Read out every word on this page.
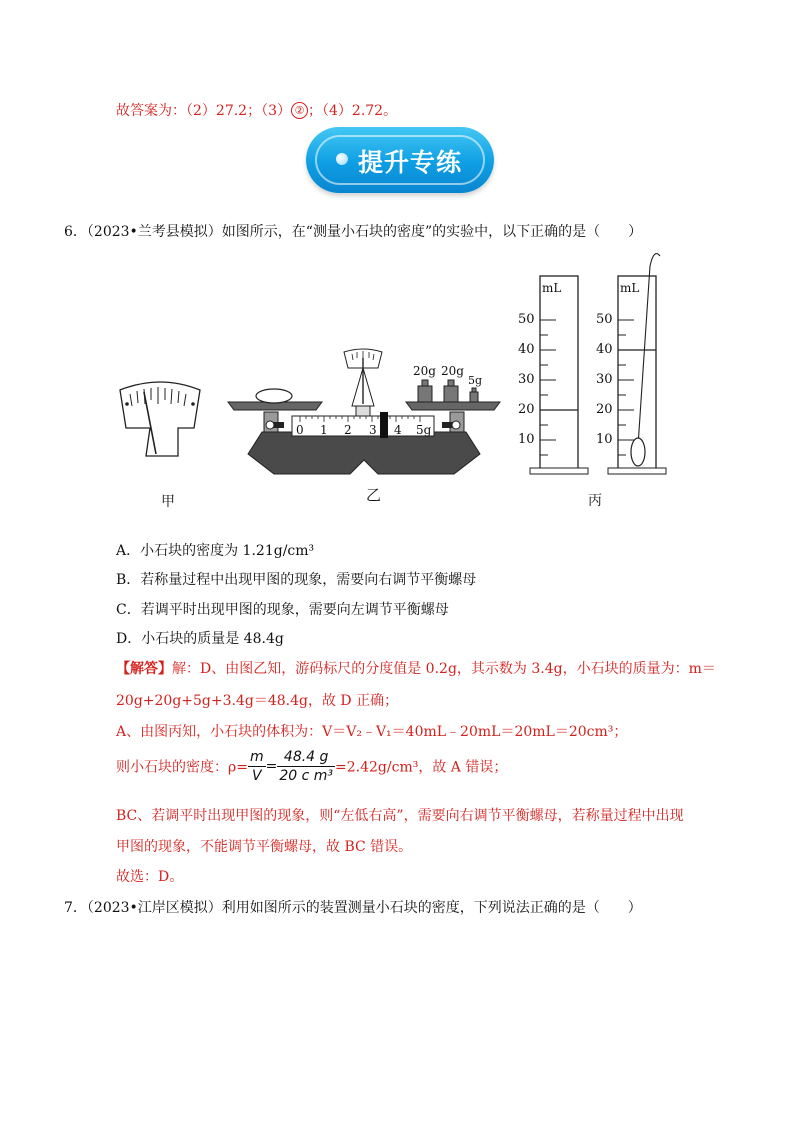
故答案为：（2）27.2；（3） ② ；（4）2.72。
提升专练
6．（2023•兰考县模拟）如图所示，在“测量小石块的密度”的实验中，以下正确的是（　　）
甲
20g 20g
5g
0 1 2 3 4 5g
乙
mL	mL
50
40
30
20
10
50
40
30
20
10
丙
A．小石块的密度为 1.21g/cm³
B．若称量过程中出现甲图的现象，需要向右调节平衡螺母
C．若调平时出现甲图的现象，需要向左调节平衡螺母
D．小石块的质量是 48.4g
【解答】解：D、由图乙知，游码标尺的分度值是 0.2g，其示数为 3.4g，小石块的质量为：m＝
20g+20g+5g+3.4g＝48.4g，故 D 正确；
A、由图丙知，小石块的体积为：V＝V₂﹣V₁＝40mL﹣20mL＝20mL＝20cm³；
则小石块的密度：$\rho= \frac{m}{V} = \frac{48.4 g}{\text{20 c m³}} =2.42g/cm^3$，故 A 错误；
BC、若调平时出现甲图的现象，则“左低右高”，需要向右调节平衡螺母，若称量过程中出现
甲图的现象，不能调节平衡螺母，故 BC 错误。
故选：D。
7．（2023•江岸区模拟）利用如图所示的装置测量小石块的密度，下列说法正确的是（　　）
